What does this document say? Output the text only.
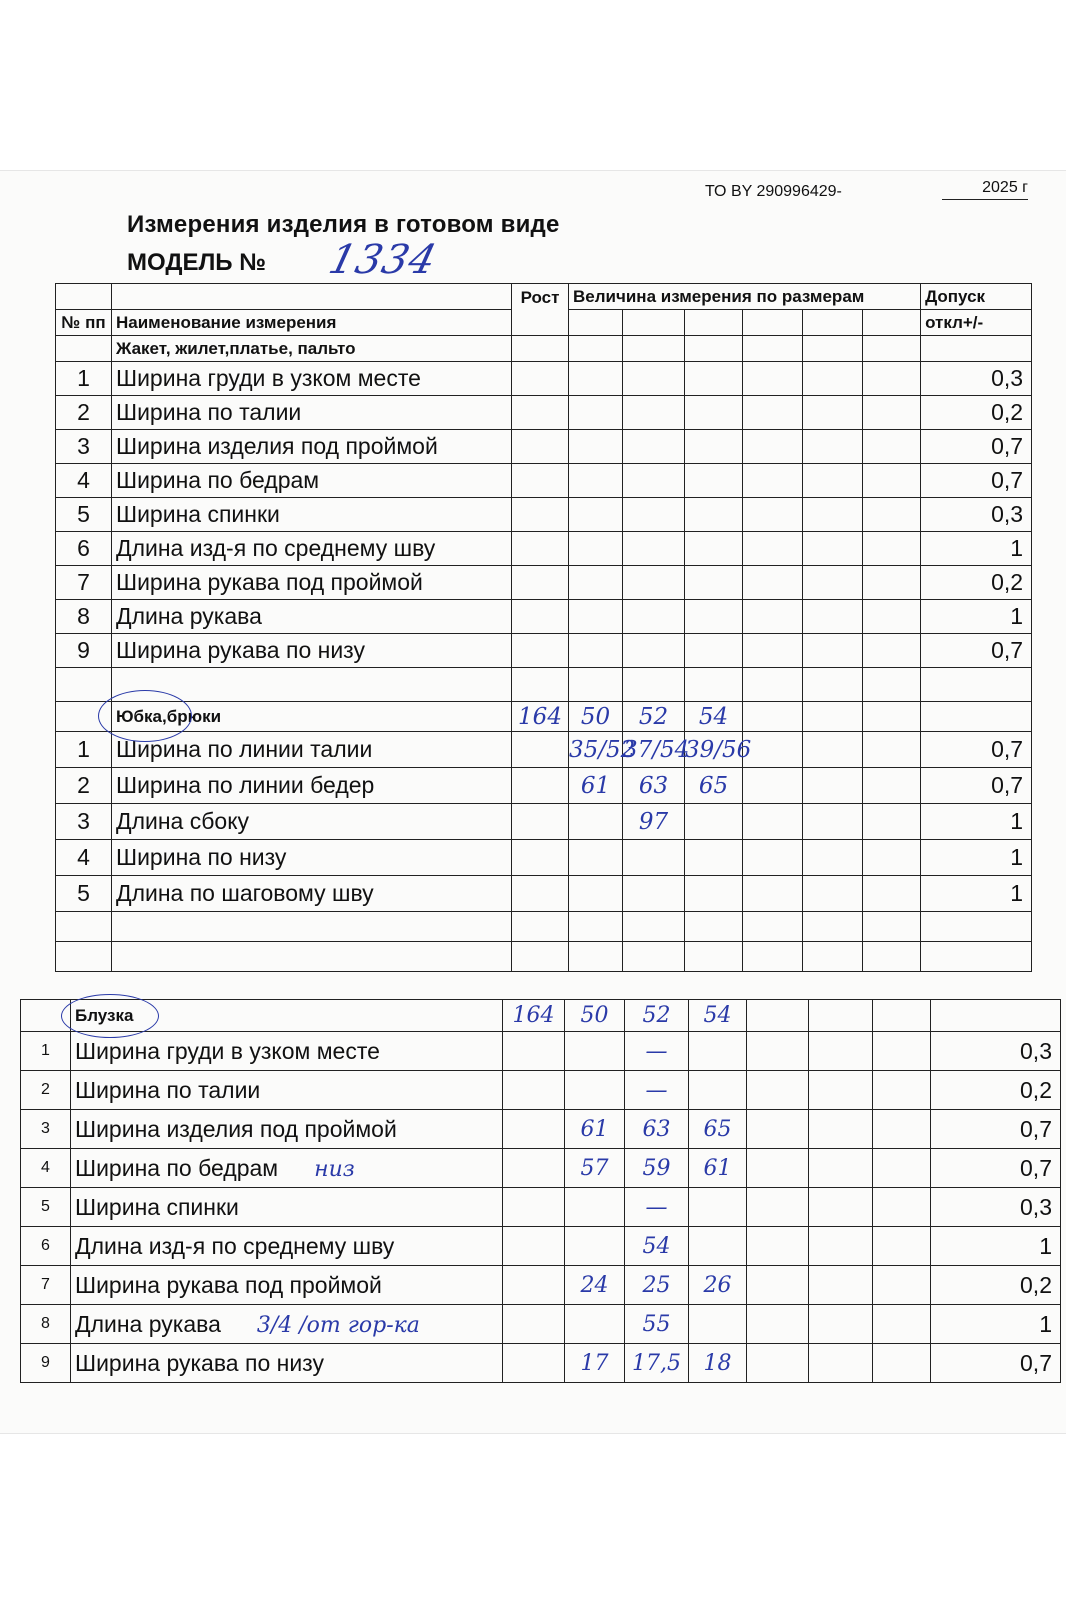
ТО BY 290996429-	2025 г
Измерения изделия в готовом виде
МОДЕЛЬ № 1334
		Рост	Величина измерения по размерам						Допуск
№ пп	Наименование измерения								откл+/-
	Жакет, жилет,платье, пальто								
1	Ширина груди в узком месте								0,3
2	Ширина по талии								0,2
3	Ширина изделия под проймой								0,7
4	Ширина по бедрам								0,7
5	Ширина спинки								0,3
6	Длина изд-я по среднему шву								1
7	Ширина рукава под проймой								0,2
8	Длина рукава								1
9	Ширина рукава по низу								0,7

	Юбка,брюки	164	50	52	54				
1	Ширина по линии талии		35/52	37/54	39/56				0,7
2	Ширина по линии бедер		61	63	65				0,7
3	Длина сбоку			97					1
4	Ширина по низу								1
5	Длина по шаговому шву								1

	Блузка	164	50	52	54				
1	Ширина груди в узком месте			—					0,3
2	Ширина по талии			—					0,2
3	Ширина изделия под проймой		61	63	65				0,7
4	Ширина по бедрам низ		57	59	61				0,7
5	Ширина спинки			—					0,3
6	Длина изд-я по среднему шву			54					1
7	Ширина рукава под проймой		24	25	26				0,2
8	Длина рукава 3/4 /от гор-ка			55					1
9	Ширина рукава по низу		17	17,5	18				0,7
